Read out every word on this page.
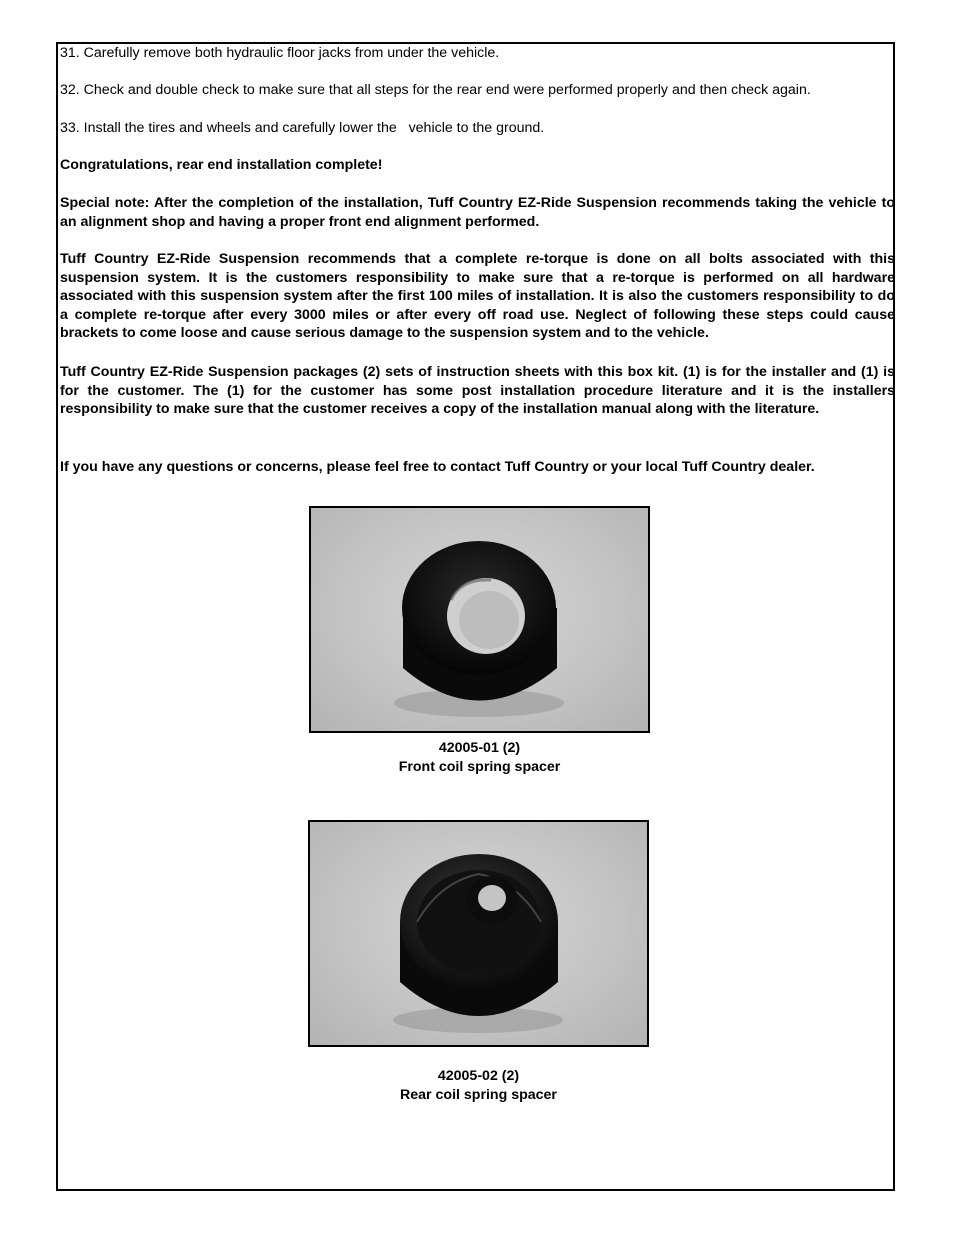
31. Carefully remove both hydraulic floor jacks from under the vehicle.

32. Check and double check to make sure that all steps for the rear end were performed properly and then check again.

33. Install the tires and wheels and carefully lower the   vehicle to the ground.

Congratulations, rear end installation complete!

Special note: After the completion of the installation, Tuff Country EZ-Ride Suspension recommends taking the vehicle to an alignment shop and having a proper front end alignment performed.

Tuff Country EZ-Ride Suspension recommends that a complete re-torque is done on all bolts associated with this suspension system. It is the customers responsibility to make sure that a re-torque is performed on all hardware associated with this suspension system after the first 100 miles of installation. It is also the customers responsibility to do a complete re-torque after every 3000 miles or after every off road use. Neglect of following these steps could cause brackets to come loose and cause serious damage to the suspension system and to the vehicle.

Tuff Country EZ-Ride Suspension packages (2) sets of instruction sheets with this box kit. (1) is for the installer and (1) is for the customer. The (1) for the customer has some post installation procedure literature and it is the installers responsibility to make sure that the customer receives a copy of the installation manual along with the literature.

If you have any questions or concerns, please feel free to contact Tuff Country or your local Tuff Country dealer.

42005-01 (2)
Front coil spring spacer
42005-02 (2)
Rear coil spring spacer
